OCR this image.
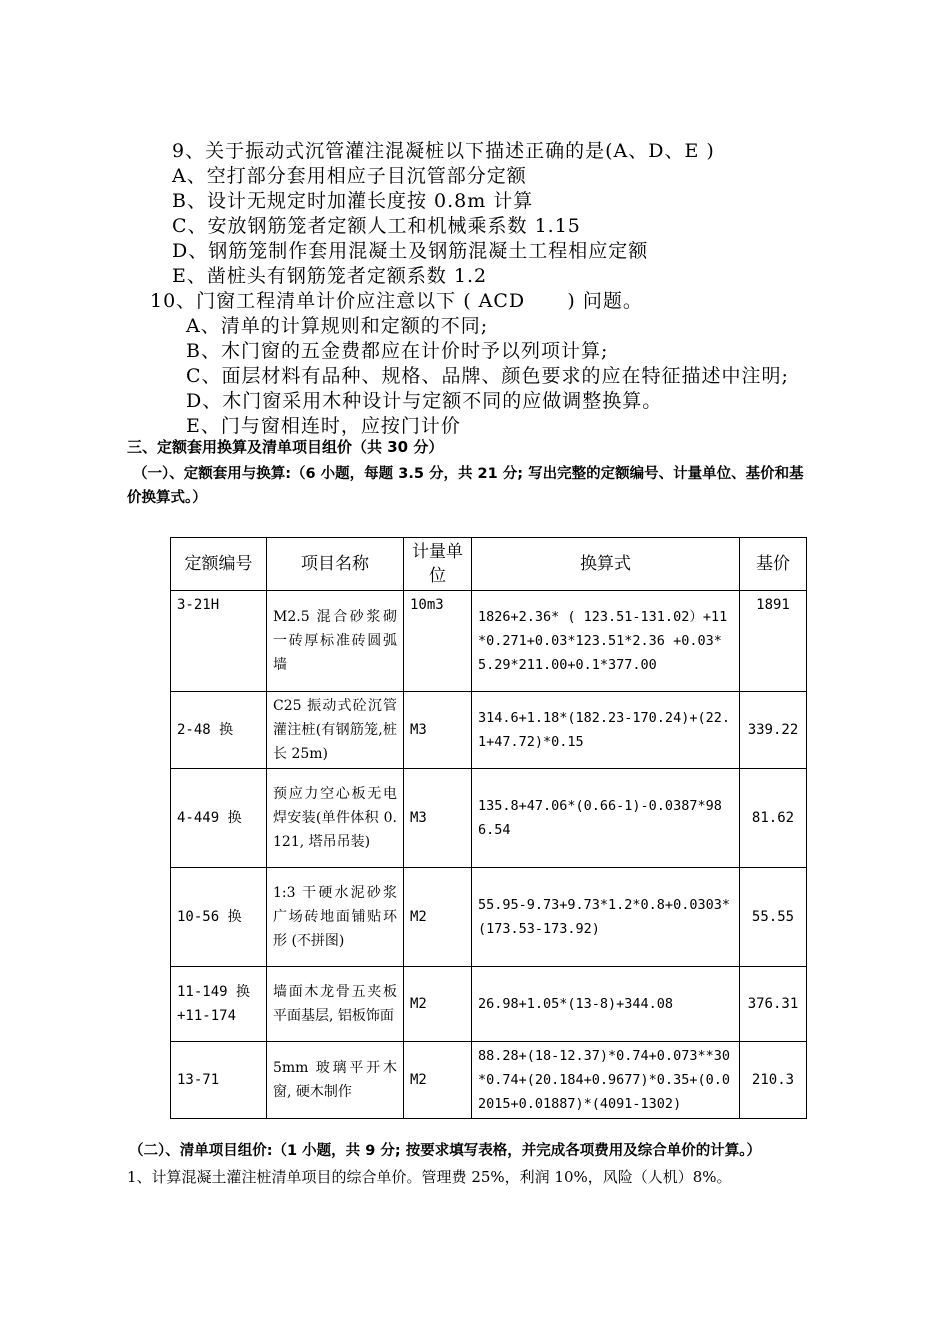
9、关于振动式沉管灌注混凝桩以下描述正确的是(A、D、E )
A、空打部分套用相应子目沉管部分定额
B、设计无规定时加灌长度按 0.8m 计算
C、安放钢筋笼者定额人工和机械乘系数 1.15
D、钢筋笼制作套用混凝土及钢筋混凝土工程相应定额
E、凿桩头有钢筋笼者定额系数 1.2
10、门窗工程清单计价应注意以下 ( ACD      ) 问题。
A、清单的计算规则和定额的不同;
B、木门窗的五金费都应在计价时予以列项计算;
C、面层材料有品种、规格、品牌、颜色要求的应在特征描述中注明;
D、木门窗采用木种设计与定额不同的应做调整换算。
E、门与窗相连时，应按门计价
三、定额套用换算及清单项目组价（共 30 分）
（一）、定额套用与换算:（6 小题，每题 3.5 分，共 21 分; 写出完整的定额编号、计量单位、基价和基
价换算式。）
定额编号	项目名称	计量单位	换算式	基价
3-21H	M2.5 混合砂浆砌一砖厚标准砖圆弧墙	10m3	1826+2.36* ( 123.51-131.02）+11*0.271+0.03*123.51*2.36 +0.03*5.29*211.00+0.1*377.00	1891
2-48 换	C25 振动式砼沉管灌注桩(有钢筋笼,桩长 25m)	M3	314.6+1.18*(182.23-170.24)+(22.1+47.72)*0.15	339.22
4-449 换	预应力空心板无电焊安装(单件体积 0.121, 塔吊吊装)	M3	135.8+47.06*(0.66-1)-0.0387*986.54	81.62
10-56 换	1:3 干硬水泥砂浆广场砖地面铺贴环形 (不拼图)	M2	55.95-9.73+9.73*1.2*0.8+0.0303*(173.53-173.92)	55.55
11-149 换 +11-174	墙面木龙骨五夹板平面基层, 铝板饰面	M2	26.98+1.05*(13-8)+344.08	376.31
13-71	5mm 玻璃平开木窗, 硬木制作	M2	88.28+(18-12.37)*0.74+0.073**30*0.74+(20.184+0.9677)*0.35+(0.02015+0.01887)*(4091-1302)	210.3
（二）、清单项目组价:（1 小题，共 9 分; 按要求填写表格，并完成各项费用及综合单价的计算。）
1、计算混凝土灌注桩清单项目的综合单价。管理费 25%，利润 10%，风险（人机）8%。
